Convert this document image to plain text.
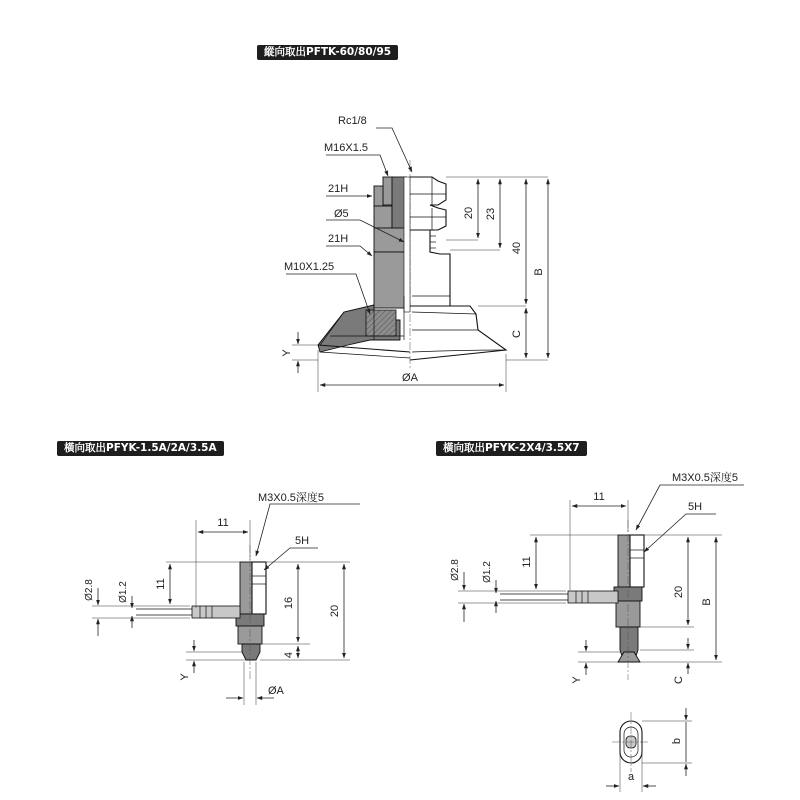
縱向取出PFTK-60/80/95
橫向取出PFYK-1.5A/2A/3.5A	橫向取出PFYK-2X4/3.5X7
Rc1/8
M16X1.5
21H
Ø5
21H
M10X1.25
20 23
40
C
B
Y
ØA
M3X0.5深度5
5H
11
Ø2.8 Ø1.2 11
16
4
20
Y
ØA
M3X0.5深度5
5H
11
Ø2.8 Ø1.2	11
20
B
C
Y
b
a
